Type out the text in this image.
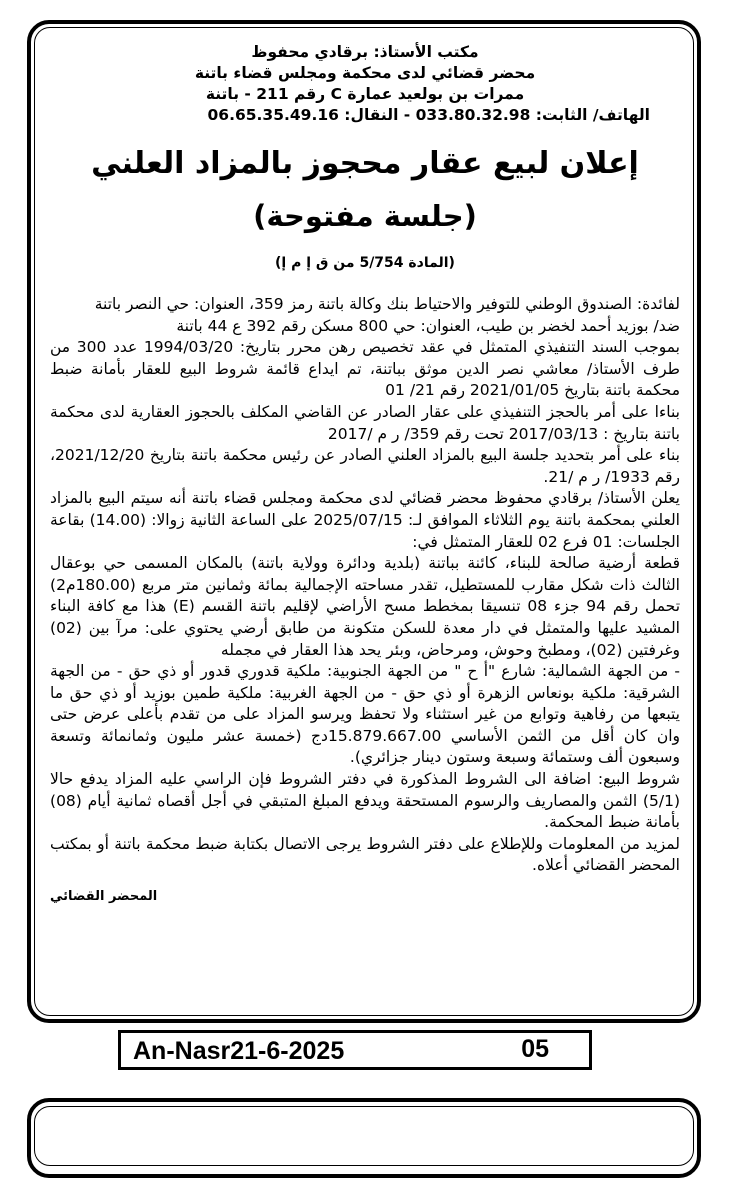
مكتب الأستاذ: برقادي محفوظ
محضر قضائي لدى محكمة ومجلس قضاء باتنة
ممرات بن بولعيد عمارة C رقم 211 - باتنة
الهاتف/ الثابت: 033.80.32.98 - النقال: 06.65.35.49.16
إعلان لبيع عقار محجوز بالمزاد العلني
(جلسة مفتوحة)
(المادة 5/754 من ق إ م إ)

لفائدة: الصندوق الوطني للتوفير والاحتياط بنك وكالة باتنة رمز 359، العنوان: حي النصر باتنة

ضد/ بوزيد أحمد لخضر بن طيب، العنوان: حي 800 مسكن رقم 392 ع 44 باتنة

بموجب السند التنفيذي المتمثل في عقد تخصيص رهن محرر بتاريخ: 1994/03/20 عدد 300 من طرف الأستاذ/ معاشي نصر الدين موثق بباتنة، تم ايداع قائمة شروط البيع للعقار بأمانة ضبط محكمة باتنة بتاريخ 2021/01/05 رقم 21/ 01

بناءا على أمر بالحجز التنفيذي على عقار الصادر عن القاضي المكلف بالحجوز العقارية لدى محكمة باتنة بتاريخ : 2017/03/13 تحت رقم 359/ ر م /2017

بناء على أمر بتحديد جلسة البيع بالمزاد العلني الصادر عن رئيس محكمة باتنة بتاريخ 2021/12/20، رقم 1933/ ر م /21.

يعلن الأستاذ/ برقادي محفوظ محضر قضائي لدى محكمة ومجلس قضاء باتنة أنه سيتم البيع بالمزاد العلني بمحكمة باتنة يوم الثلاثاء الموافق لـ: 2025/07/15 على الساعة الثانية زوالا: (14.00) بقاعة الجلسات: 01 فرع 02 للعقار المتمثل في:

قطعة أرضية صالحة للبناء، كائنة بباتنة (بلدية ودائرة وولاية باتنة) بالمكان المسمى حي بوعقال الثالث ذات شكل مقارب للمستطيل، تقدر مساحته الإجمالية بمائة وثمانين متر مربع (180.00م2) تحمل رقم 94 جزء 08 تنسيقا بمخطط مسح الأراضي لإقليم باتنة القسم (E) هذا مع كافة البناء المشيد عليها والمتمثل في دار معدة للسكن متكونة من طابق أرضي يحتوي على: مرآ بين (02) وغرفتين (02)، ومطبخ وحوش، ومرحاض، وبئر يحد هذا العقار في مجمله

- من الجهة الشمالية: شارع "أ ح " من الجهة الجنوبية: ملكية قدوري قدور أو ذي حق - من الجهة الشرقية: ملكية بونعاس الزهرة أو ذي حق - من الجهة الغربية: ملكية طمين بوزيد أو ذي حق ما يتبعها من رفاهية وتوابع من غير استثناء ولا تحفظ ويرسو المزاد على من تقدم بأعلى عرض حتى وان كان أقل من الثمن الأساسي 15.879.667.00دج (خمسة عشر مليون وثمانمائة وتسعة وسبعون ألف وستمائة وسبعة وستون دينار جزائري).

شروط البيع: اضافة الى الشروط المذكورة في دفتر الشروط فإن الراسي عليه المزاد يدفع حالا (5/1) الثمن والمصاريف والرسوم المستحقة ويدفع المبلغ المتبقي في أجل أقصاه ثمانية أيام (08) بأمانة ضبط المحكمة.

لمزيد من المعلومات وللإطلاع على دفتر الشروط يرجى الاتصال بكتابة ضبط محكمة باتنة أو بمكتب المحضر القضائي أعلاه.

المحضر القضائي
An-Nasr21-6-2025	05
